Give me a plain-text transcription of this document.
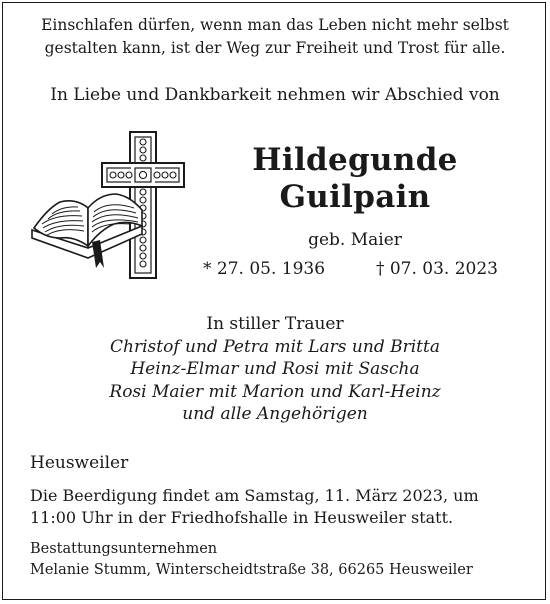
Einschlafen dürfen, wenn man das Leben nicht mehr selbst
gestalten kann, ist der Weg zur Freiheit und Trost für alle.
In Liebe und Dankbarkeit nehmen wir Abschied von
Hildegunde
Guilpain
geb. Maier
* 27. 05. 1936	† 07. 03. 2023
In stiller Trauer
Christof und Petra mit Lars und Britta
Heinz-Elmar und Rosi mit Sascha
Rosi Maier mit Marion und Karl-Heinz
und alle Angehörigen
Heusweiler
Die Beerdigung findet am Samstag, 11. März 2023, um
11:00 Uhr in der Friedhofshalle in Heusweiler statt.
Bestattungsunternehmen
Melanie Stumm, Winterscheidtstraße 38, 66265 Heusweiler
